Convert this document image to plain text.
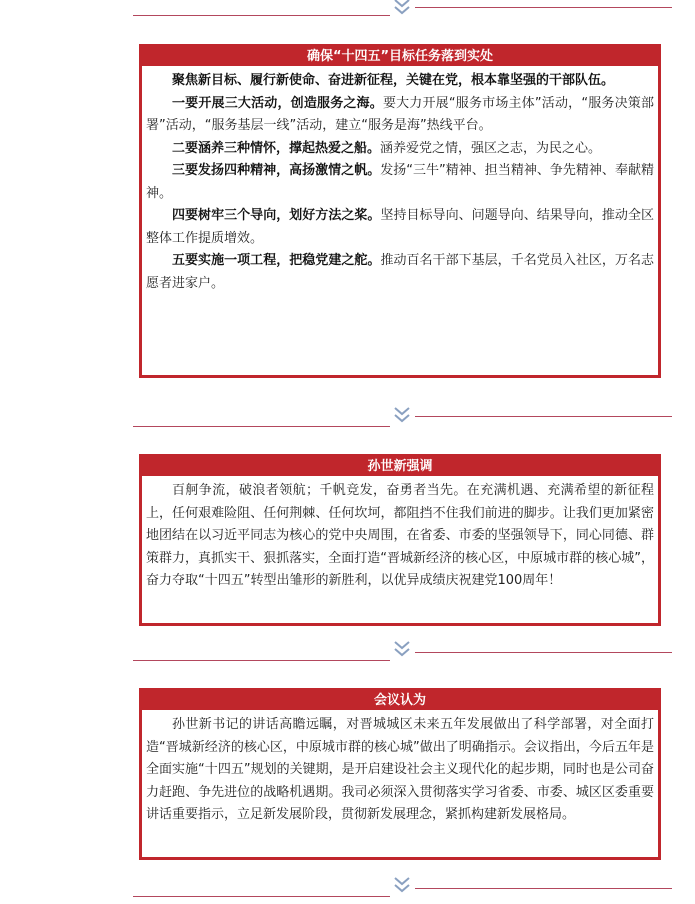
确保“十四五”目标任务落到实处

聚焦新目标、履行新使命、奋进新征程，关键在党，根本靠坚强的干部队伍。

一要开展三大活动，创造服务之海。要大力开展“服务市场主体”活动，“服务决策部署”活动，“服务基层一线”活动，建立“服务是海”热线平台。

二要涵养三种情怀，撑起热爱之船。涵养爱党之情，强区之志，为民之心。

三要发扬四种精神，高扬激情之帆。发扬“三牛”精神、担当精神、争先精神、奉献精神。

四要树牢三个导向，划好方法之桨。坚持目标导向、问题导向、结果导向，推动全区整体工作提质增效。

五要实施一项工程，把稳党建之舵。推动百名干部下基层，千名党员入社区，万名志愿者进家户。

孙世新强调

百舸争流，破浪者领航；千帆竞发，奋勇者当先。在充满机遇、充满希望的新征程上，任何艰难险阻、任何荆棘、任何坎坷，都阻挡不住我们前进的脚步。让我们更加紧密地团结在以习近平同志为核心的党中央周围，在省委、市委的坚强领导下，同心同德、群策群力，真抓实干、狠抓落实，全面打造“晋城新经济的核心区，中原城市群的核心城”，奋力夺取“十四五”转型出雏形的新胜利，以优异成绩庆祝建党100周年！

会议认为

孙世新书记的讲话高瞻远瞩，对晋城城区未来五年发展做出了科学部署，对全面打造“晋城新经济的核心区，中原城市群的核心城”做出了明确指示。会议指出，今后五年是全面实施“十四五”规划的关键期，是开启建设社会主义现代化的起步期，同时也是公司奋力赶跑、争先进位的战略机遇期。我司必须深入贯彻落实学习省委、市委、城区区委重要讲话重要指示，立足新发展阶段，贯彻新发展理念，紧抓构建新发展格局。
